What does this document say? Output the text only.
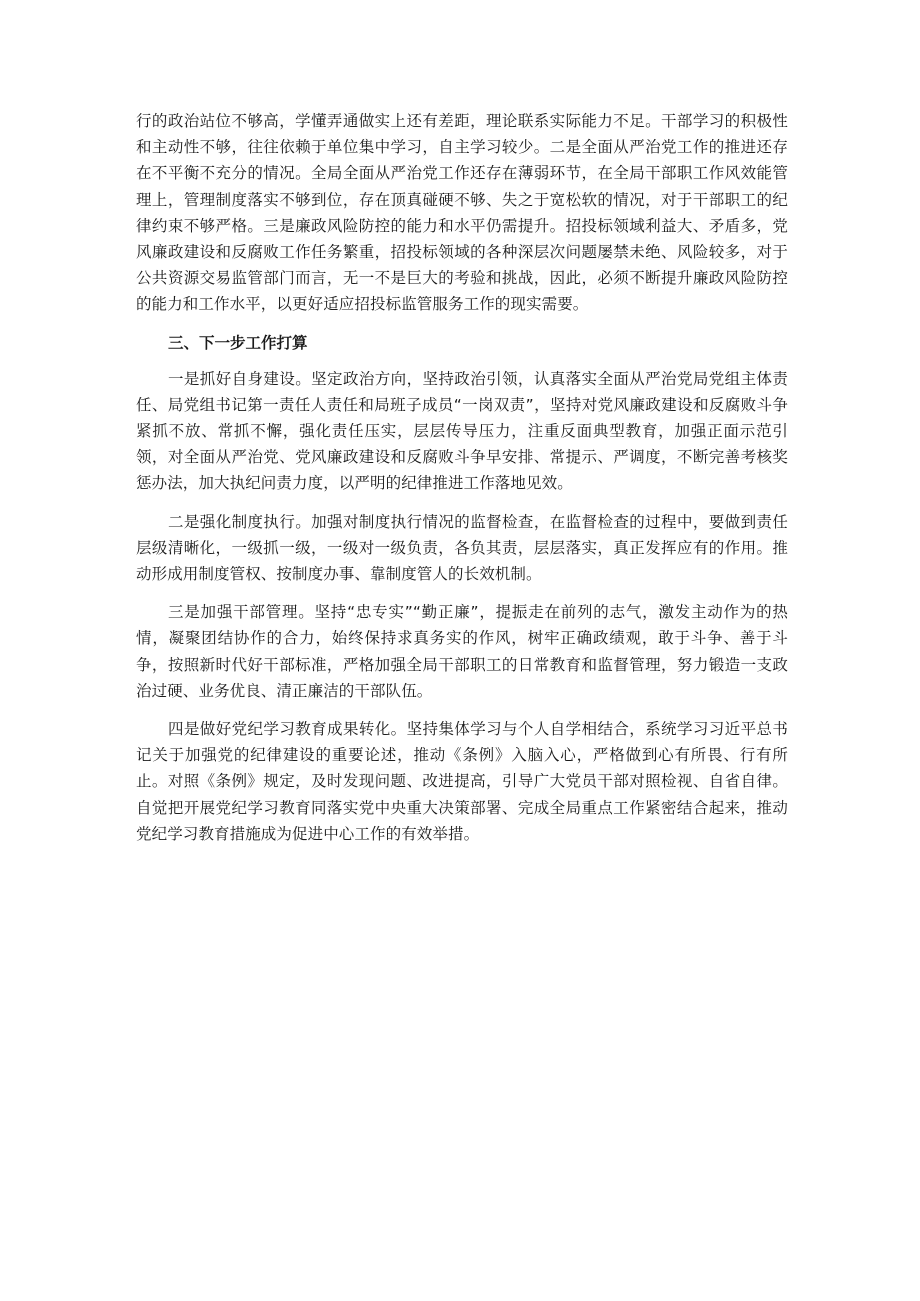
行的政治站位不够高，学懂弄通做实上还有差距，理论联系实际能力不足。干部学习的积极性和主动性不够，往往依赖于单位集中学习，自主学习较少。二是全面从严治党工作的推进还存在不平衡不充分的情况。全局全面从严治党工作还存在薄弱环节，在全局干部职工作风效能管理上，管理制度落实不够到位，存在顶真碰硬不够、失之于宽松软的情况，对于干部职工的纪律约束不够严格。三是廉政风险防控的能力和水平仍需提升。招投标领域利益大、矛盾多，党风廉政建设和反腐败工作任务繁重，招投标领域的各种深层次问题屡禁未绝、风险较多，对于公共资源交易监管部门而言，无一不是巨大的考验和挑战，因此，必须不断提升廉政风险防控的能力和工作水平，以更好适应招投标监管服务工作的现实需要。

三、下一步工作打算

一是抓好自身建设。坚定政治方向，坚持政治引领，认真落实全面从严治党局党组主体责任、局党组书记第一责任人责任和局班子成员“一岗双责”，坚持对党风廉政建设和反腐败斗争紧抓不放、常抓不懈，强化责任压实，层层传导压力，注重反面典型教育，加强正面示范引领，对全面从严治党、党风廉政建设和反腐败斗争早安排、常提示、严调度，不断完善考核奖惩办法，加大执纪问责力度，以严明的纪律推进工作落地见效。

二是强化制度执行。加强对制度执行情况的监督检查，在监督检查的过程中，要做到责任层级清晰化，一级抓一级，一级对一级负责，各负其责，层层落实，真正发挥应有的作用。推动形成用制度管权、按制度办事、靠制度管人的长效机制。

三是加强干部管理。坚持“忠专实”“勤正廉”，提振走在前列的志气，激发主动作为的热情，凝聚团结协作的合力，始终保持求真务实的作风，树牢正确政绩观，敢于斗争、善于斗争，按照新时代好干部标准，严格加强全局干部职工的日常教育和监督管理，努力锻造一支政治过硬、业务优良、清正廉洁的干部队伍。

四是做好党纪学习教育成果转化。坚持集体学习与个人自学相结合，系统学习习近平总书记关于加强党的纪律建设的重要论述，推动《条例》入脑入心，严格做到心有所畏、行有所止。对照《条例》规定，及时发现问题、改进提高，引导广大党员干部对照检视、自省自律。自觉把开展党纪学习教育同落实党中央重大决策部署、完成全局重点工作紧密结合起来，推动党纪学习教育措施成为促进中心工作的有效举措。
